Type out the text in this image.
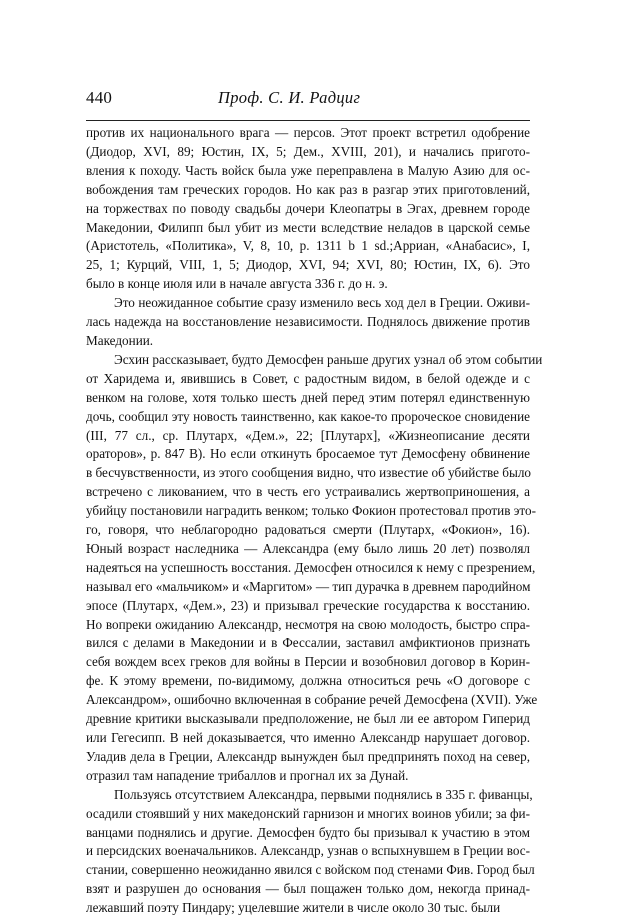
440	Проф. С. И. Радциг

против их национального врага — персов. Этот проект встретил одобрение
(Диодор, XVI, 89; Юстин, IX, 5; Дем., XVIII, 201), и начались пригото-
вления к походу. Часть войск была уже переправлена в Малую Азию для ос-
вобождения там греческих городов. Но как раз в разгар этих приготовлений,
на торжествах по поводу свадьбы дочери Клеопатры в Эгах, древнем городе
Македонии, Филипп был убит из мести вследствие неладов в царской семье
(Аристотель, «Политика», V, 8, 10, p. 1311 b 1 sd.;Арриан, «Анабасис», I,
25, 1; Курций, VIII, 1, 5; Диодор, XVI, 94; XVI, 80; Юстин, IX, 6). Это
было в конце июля или в начале августа 336 г. до н. э.

Это неожиданное событие сразу изменило весь ход дел в Греции. Оживи-
лась надежда на восстановление независимости. Поднялось движение против
Македонии.

Эсхин рассказывает, будто Демосфен раньше других узнал об этом событии
от Харидема и, явившись в Совет, с радостным видом, в белой одежде и с
венком на голове, хотя только шесть дней перед этим потерял единственную
дочь, сообщил эту новость таинственно, как какое-то пророческое сновидение
(III, 77 сл., ср. Плутарх, «Дем.», 22; [Плутарх], «Жизнеописание десяти
ораторов», p. 847 B). Но если откинуть бросаемое тут Демосфену обвинение
в бесчувственности, из этого сообщения видно, что известие об убийстве было
встречено с ликованием, что в честь его устраивались жертвоприношения, а
убийцу постановили наградить венком; только Фокион протестовал против это-
го, говоря, что неблагородно радоваться смерти (Плутарх, «Фокион», 16).
Юный возраст наследника — Александра (ему было лишь 20 лет) позволял
надеяться на успешность восстания. Демосфен относился к нему с презрением,
называл его «мальчиком» и «Маргитом» — тип дурачка в древнем пародийном
эпосе (Плутарх, «Дем.», 23) и призывал греческие государства к восстанию.
Но вопреки ожиданию Александр, несмотря на свою молодость, быстро спра-
вился с делами в Македонии и в Фессалии, заставил амфиктионов признать
себя вождем всех греков для войны в Персии и возобновил договор в Корин-
фе. К этому времени, по-видимому, должна относиться речь «О договоре с
Александром», ошибочно включенная в собрание речей Демосфена (XVII). Уже
древние критики высказывали предположение, не был ли ее автором Гиперид
или Гегесипп. В ней доказывается, что именно Александр нарушает договор.
Уладив дела в Греции, Александр вынужден был предпринять поход на север,
отразил там нападение трибаллов и прогнал их за Дунай.

Пользуясь отсутствием Александра, первыми поднялись в 335 г. фиванцы,
осадили стоявший у них македонский гарнизон и многих воинов убили; за фи-
ванцами поднялись и другие. Демосфен будто бы призывал к участию в этом
и персидских военачальников. Александр, узнав о вспыхнувшем в Греции вос-
стании, совершенно неожиданно явился с войском под стенами Фив. Город был
взят и разрушен до основания — был пощажен только дом, некогда принад-
лежавший поэту Пиндару; уцелевшие жители в числе около 30 тыс. были
